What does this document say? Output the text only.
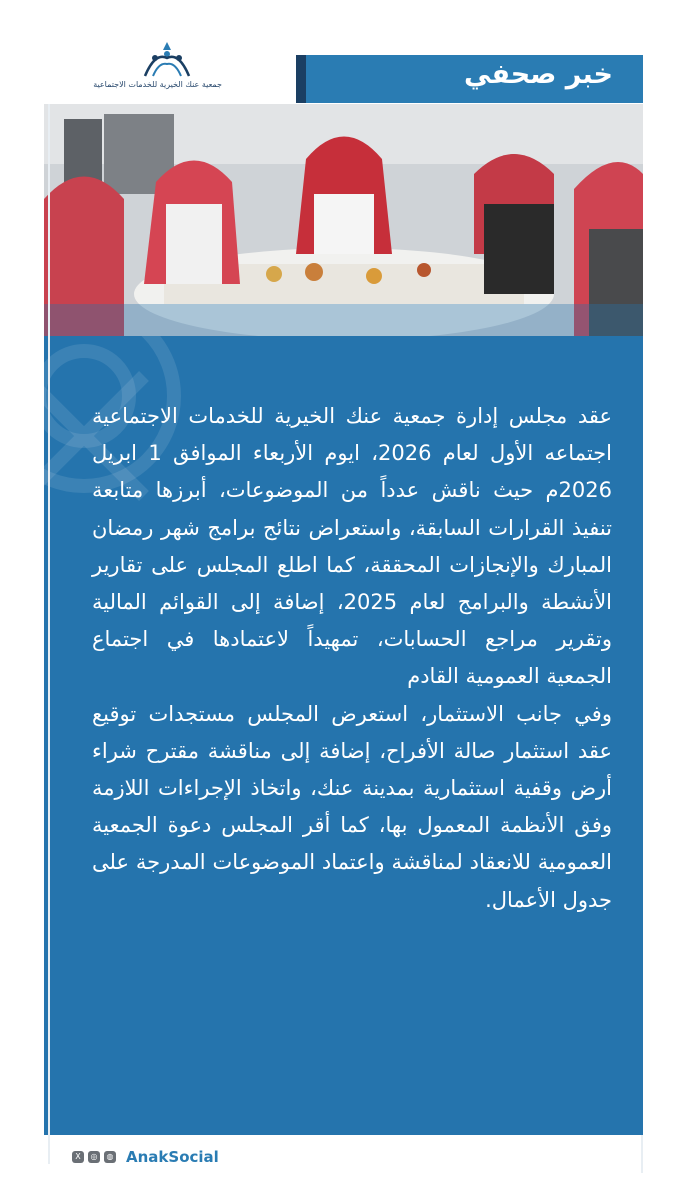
جمعية عنك الخيرية للخدمات الاجتماعية	خبر صحفي

عقد مجلس إدارة جمعية عنك الخيرية للخدمات الاجتماعية اجتماعه الأول لعام 2026، ايوم الأربعاء الموافق 1 ابريل 2026م حيث ناقش عدداً من الموضوعات، أبرزها متابعة تنفيذ القرارات السابقة، واستعراض نتائج برامج شهر رمضان المبارك والإنجازات المحققة، كما اطلع المجلس على تقارير الأنشطة والبرامج لعام 2025، إضافة إلى القوائم المالية وتقرير مراجع الحسابات، تمهيداً لاعتمادها في اجتماع الجمعية العمومية القادم

وفي جانب الاستثمار، استعرض المجلس مستجدات توقيع عقد استثمار صالة الأفراح، إضافة إلى مناقشة مقترح شراء أرض وقفية استثمارية بمدينة عنك، واتخاذ الإجراءات اللازمة وفق الأنظمة المعمول بها، كما أقر المجلس دعوة الجمعية العمومية للانعقاد لمناقشة واعتماد الموضوعات المدرجة على جدول الأعمال.

X	◎	◍ AnakSocial
